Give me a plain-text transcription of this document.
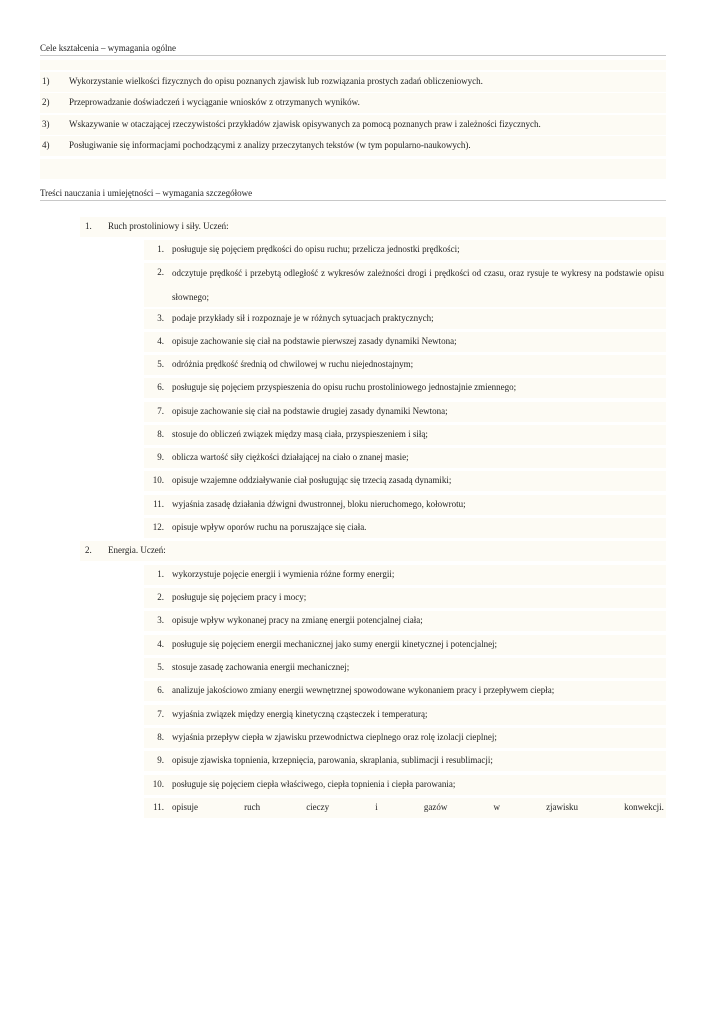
Cele kształcenia – wymagania ogólne
1) Wykorzystanie wielkości fizycznych do opisu poznanych zjawisk lub rozwiązania prostych zadań obliczeniowych.
2) Przeprowadzanie doświadczeń i wyciąganie wniosków z otrzymanych wyników.
3) Wskazywanie w otaczającej rzeczywistości przykładów zjawisk opisywanych za pomocą poznanych praw i zależności fizycznych.
4) Posługiwanie się informacjami pochodzącymi z analizy przeczytanych tekstów (w tym popularno-naukowych).
Treści nauczania i umiejętności – wymagania szczegółowe
1. Ruch prostoliniowy i siły. Uczeń:
1. posługuje się pojęciem prędkości do opisu ruchu; przelicza jednostki prędkości;
2. odczytuje prędkość i przebytą odległość z wykresów zależności drogi i prędkości od czasu, oraz rysuje te wykresy na podstawie opisu słownego;
3. podaje przykłady sił i rozpoznaje je w różnych sytuacjach praktycznych;
4. opisuje zachowanie się ciał na podstawie pierwszej zasady dynamiki Newtona;
5. odróżnia prędkość średnią od chwilowej w ruchu niejednostajnym;
6. posługuje się pojęciem przyspieszenia do opisu ruchu prostoliniowego jednostajnie zmiennego;
7. opisuje zachowanie się ciał na podstawie drugiej zasady dynamiki Newtona;
8. stosuje do obliczeń związek między masą ciała, przyspieszeniem i siłą;
9. oblicza wartość siły ciężkości działającej na ciało o znanej masie;
10. opisuje wzajemne oddziaływanie ciał posługując się trzecią zasadą dynamiki;
11. wyjaśnia zasadę działania dźwigni dwustronnej, bloku nieruchomego, kołowrotu;
12. opisuje wpływ oporów ruchu na poruszające się ciała.
2. Energia. Uczeń:
1. wykorzystuje pojęcie energii i wymienia różne formy energii;
2. posługuje się pojęciem pracy i mocy;
3. opisuje wpływ wykonanej pracy na zmianę energii potencjalnej ciała;
4. posługuje się pojęciem energii mechanicznej jako sumy energii kinetycznej i potencjalnej;
5. stosuje zasadę zachowania energii mechanicznej;
6. analizuje jakościowo zmiany energii wewnętrznej spowodowane wykonaniem pracy i przepływem ciepła;
7. wyjaśnia związek między energią kinetyczną cząsteczek i temperaturą;
8. wyjaśnia przepływ ciepła w zjawisku przewodnictwa cieplnego oraz rolę izolacji cieplnej;
9. opisuje zjawiska topnienia, krzepnięcia, parowania, skraplania, sublimacji i resublimacji;
10. posługuje się pojęciem ciepła właściwego, ciepła topnienia i ciepła parowania;
11. opisuje	ruch	cieczy	i	gazów	w	zjawisku	konwekcji.
